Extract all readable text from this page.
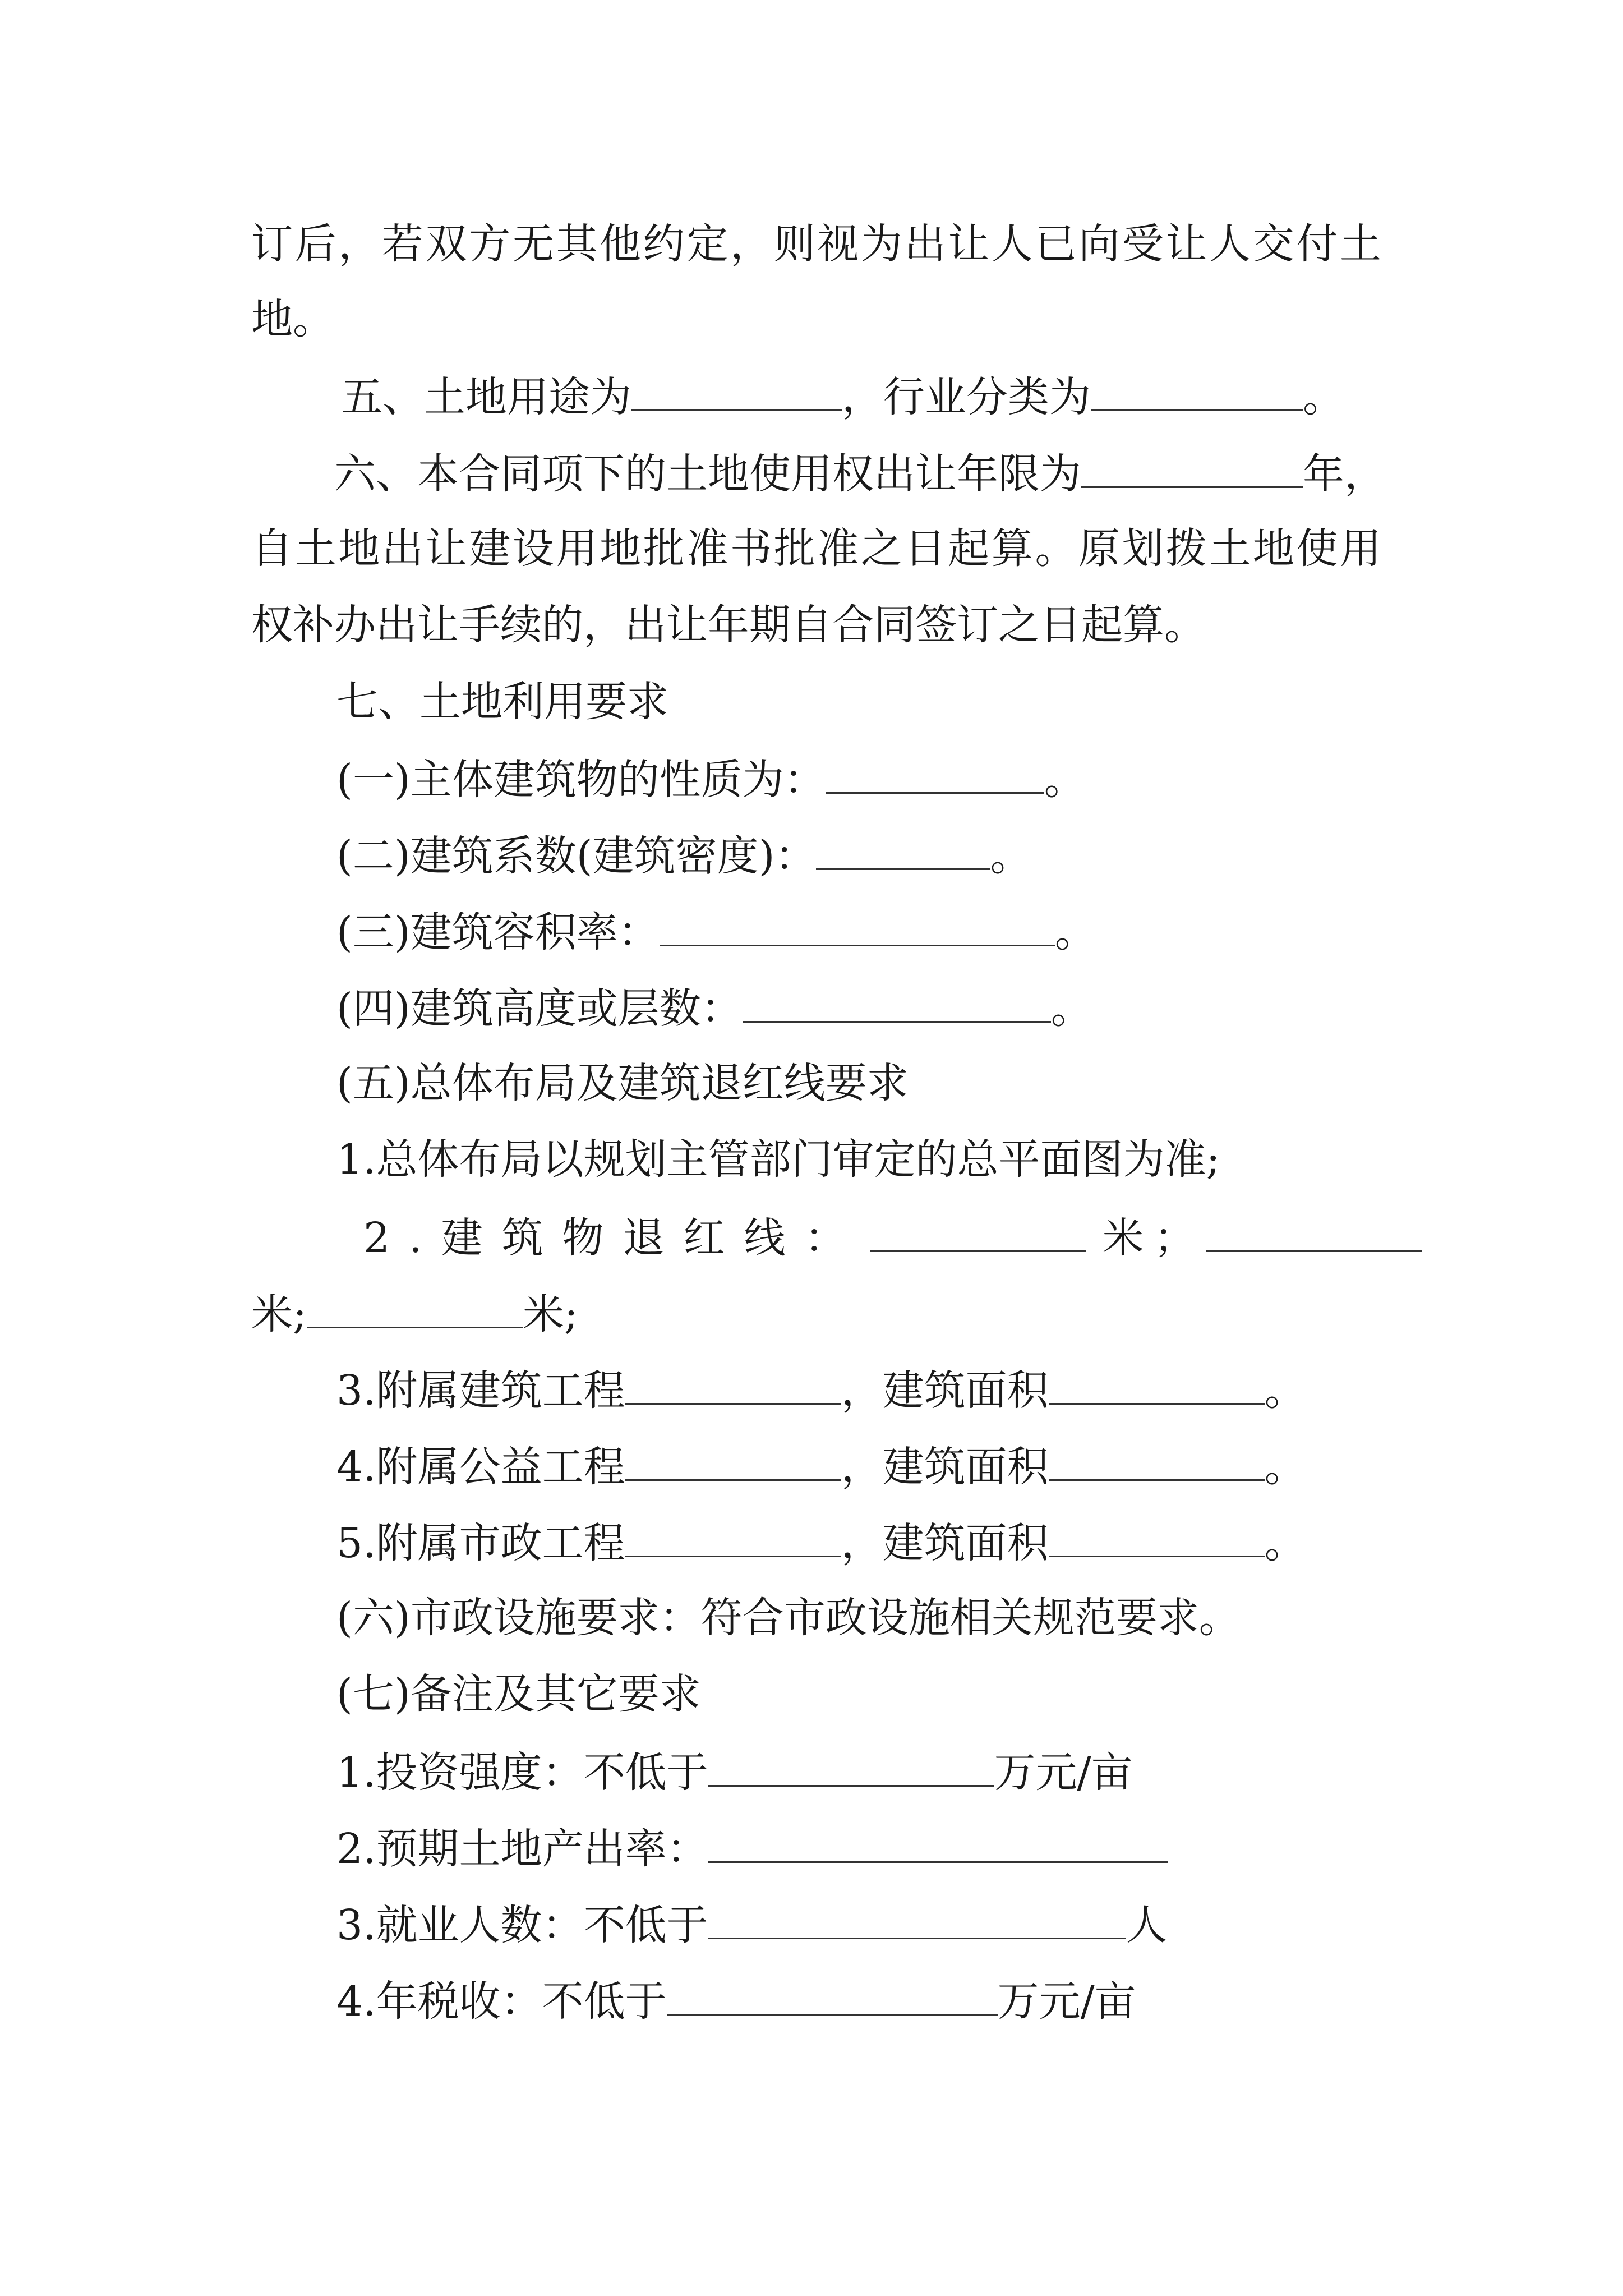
订后，若双方无其他约定，则视为出让人已向受让人交付土
地。
五、土地用途为	，行业分类为	。
六、本合同项下的土地使用权出让年限为	年，
自土地出让建设用地批准书批准之日起算。原划拨土地使用
权补办出让手续的，出让年期自合同签订之日起算。
七、土地利用要求
(一)主体建筑物的性质为：	。
(二)建筑系数(建筑密度)：	。
(三)建筑容积率：	。
(四)建筑高度或层数：	。
(五)总体布局及建筑退红线要求
1.总体布局以规划主管部门审定的总平面图为准;
2.建筑物退红线：	米；
米;	米;
3.附属建筑工程	，建筑面积	。
4.附属公益工程	，建筑面积	。
5.附属市政工程	，建筑面积	。
(六)市政设施要求：符合市政设施相关规范要求。
(七)备注及其它要求
1.投资强度：不低于	万元/亩
2.预期土地产出率：
3.就业人数：不低于	人
4.年税收：不低于	万元/亩
